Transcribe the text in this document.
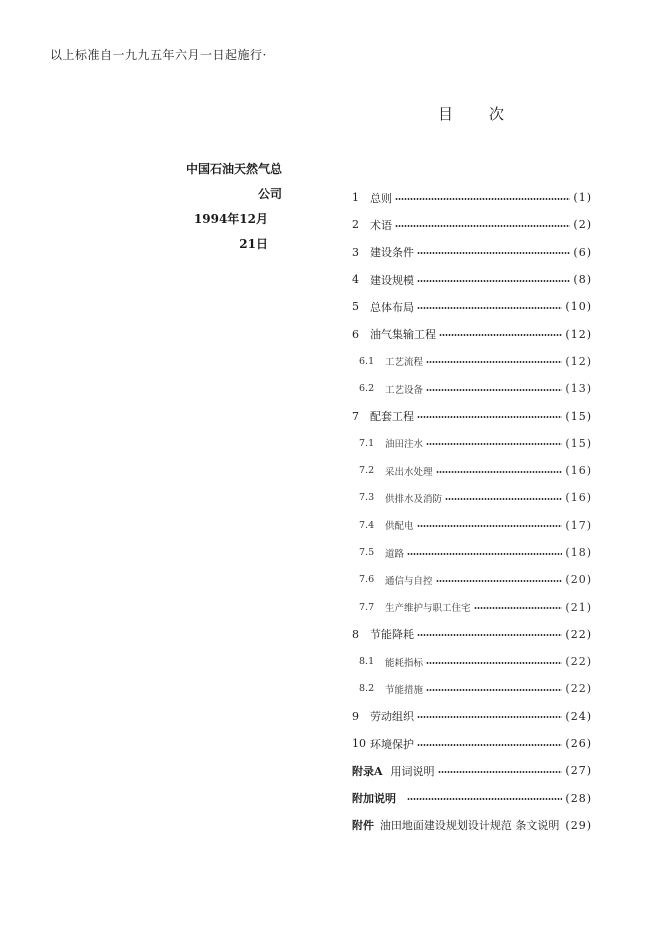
以上标准自一九九五年六月一日起施行·
目次
中国石油天然气总公司
1994年12月21日
1	总则	(1)
2	术语	(2)
3	建设条件	(6)
4	建设规模	(8)
5	总体布局	(10)
6	油气集输工程	(12)
6.1	工艺流程	(12)
6.2	工艺设备	(13)
7	配套工程	(15)
7.1	油田注水	(15)
7.2	采出水处理	(16)
7.3	供排水及消防	(16)
7.4	供配电	(17)
7.5	道路	(18)
7.6	通信与自控	(20)
7.7	生产维护与职工住宅	(21)
8	节能降耗	(22)
8.1	能耗指标	(22)
8.2	节能措施	(22)
9	劳动组织	(24)
10 环境保护	(26)
附录A 用词说明	(27)
附加说明	(28)
附件 油田地面建设规划设计规范 条文说明 (29)
